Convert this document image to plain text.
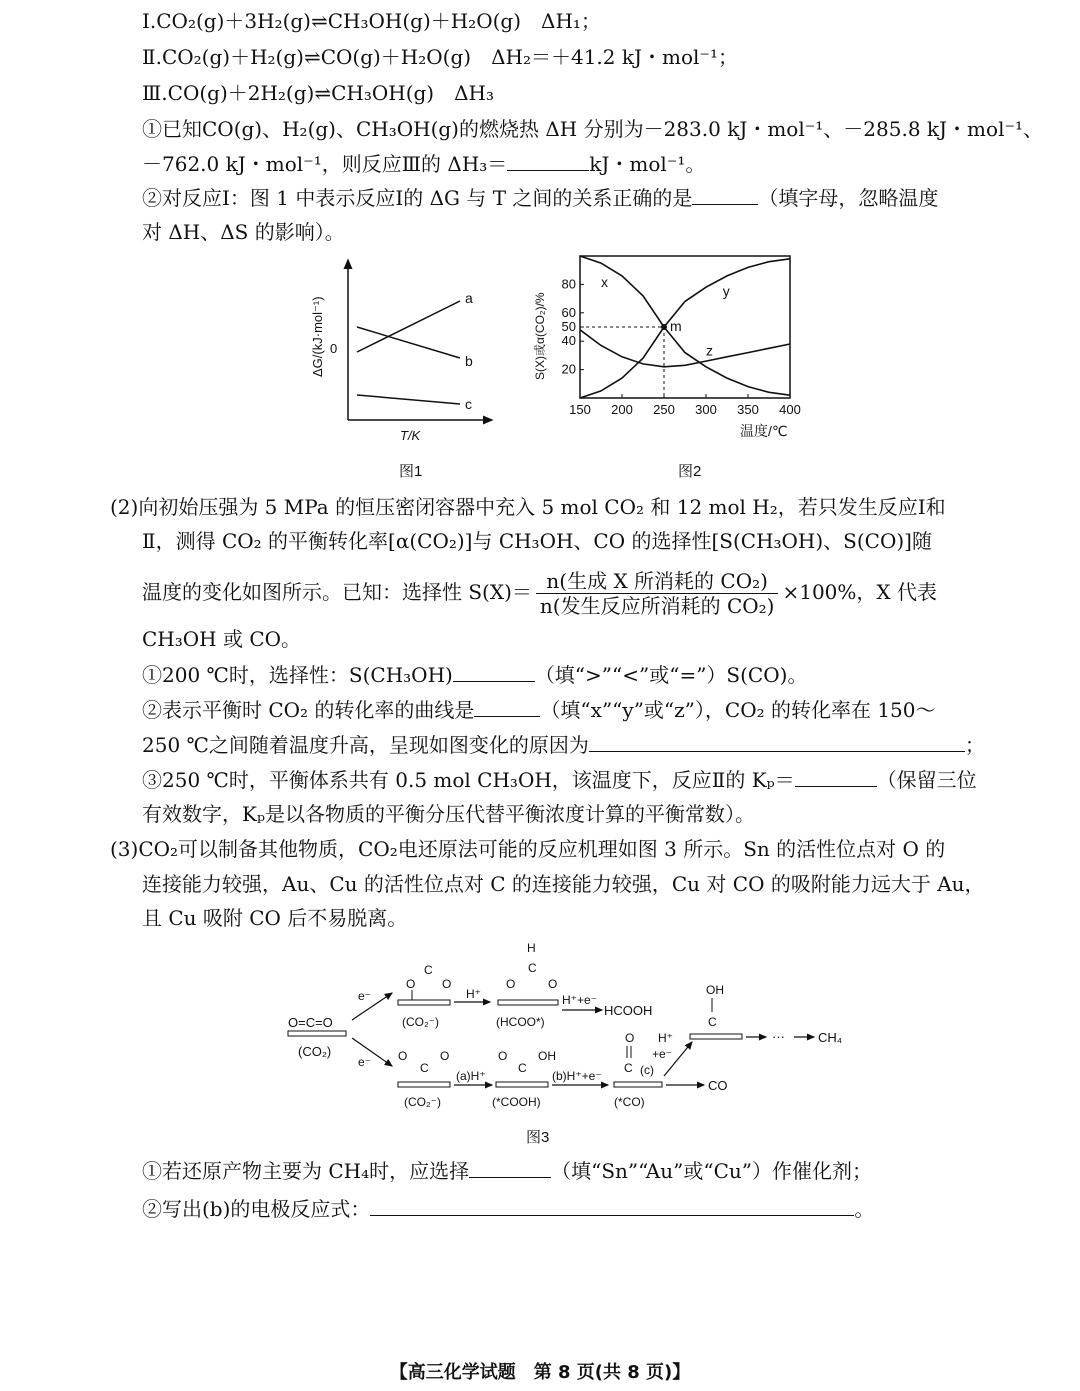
Ⅰ.CO₂(g)＋3H₂(g)⇌CH₃OH(g)＋H₂O(g)　ΔH₁；
Ⅱ.CO₂(g)＋H₂(g)⇌CO(g)＋H₂O(g)　ΔH₂＝＋41.2 kJ・mol⁻¹；
Ⅲ.CO(g)＋2H₂(g)⇌CH₃OH(g)　ΔH₃
①已知CO(g)、H₂(g)、CH₃OH(g)的燃烧热 ΔH 分别为－283.0 kJ・mol⁻¹、－285.8 kJ・mol⁻¹、
－762.0 kJ・mol⁻¹，则反应Ⅲ的 ΔH₃＝	kJ・mol⁻¹。
②对反应Ⅰ：图 1 中表示反应Ⅰ的 ΔG 与 T 之间的关系正确的是	（填字母，忽略温度
对 ΔH、ΔS 的影响）。
a
b
c
0
ΔG/(kJ·mol⁻¹)
T/K
图1
150 200 250 300 350 400
20
40
50
60
80 x
y
z
m
S(X)或α(CO₂)/%
温度/℃
图2
(2)向初始压强为 5 MPa 的恒压密闭容器中充入 5 mol CO₂ 和 12 mol H₂，若只发生反应Ⅰ和
Ⅱ，测得 CO₂ 的平衡转化率[α(CO₂)]与 CH₃OH、CO 的选择性[S(CH₃OH)、S(CO)]随
温度的变化如图所示。已知：选择性 $S(X)= \frac{\text{n(生成 X 所消耗的 CO₂)}}{\text{n(发生反应所消耗的 CO₂)}} \times 100\%$，X 代表
CH₃OH 或 CO。
①200 ℃时，选择性：S(CH₃OH)	（填“>”“<”或“=”）S(CO)。
②表示平衡时 CO₂ 的转化率的曲线是	（填“x”“y”或“z”），CO₂ 的转化率在 150～
250 ℃之间随着温度升高，呈现如图变化的原因为	；
③250 ℃时，平衡体系共有 0.5 mol CH₃OH，该温度下，反应Ⅱ的 Kₚ＝	（保留三位
有效数字，Kₚ是以各物质的平衡分压代替平衡浓度计算的平衡常数）。
(3)CO₂可以制备其他物质，CO₂电还原法可能的反应机理如图 3 所示。Sn 的活性位点对 O 的
连接能力较强，Au、Cu 的活性位点对 C 的连接能力较强，Cu 对 CO 的吸附能力远大于 Au，
且 Cu 吸附 CO 后不易脱离。
O=C=O
(CO₂)
e⁻
O
C
O
(CO₂⁻)
H⁺
H
C
O	O
(HCOO*)
H⁺+e⁻
HCOOH
e⁻ O
C
O
(CO₂⁻)
(a)H⁺
O
C
OH
(*COOH)
(b)H⁺+e⁻
O
C
(*CO)
(c)
CO
H⁺
+e⁻
OH
C
···	CH₄
图3
①若还原产物主要为 CH₄时，应选择	（填“Sn”“Au”或“Cu”）作催化剂；
②写出(b)的电极反应式：	。
【高三化学试题　第 8 页(共 8 页)】
